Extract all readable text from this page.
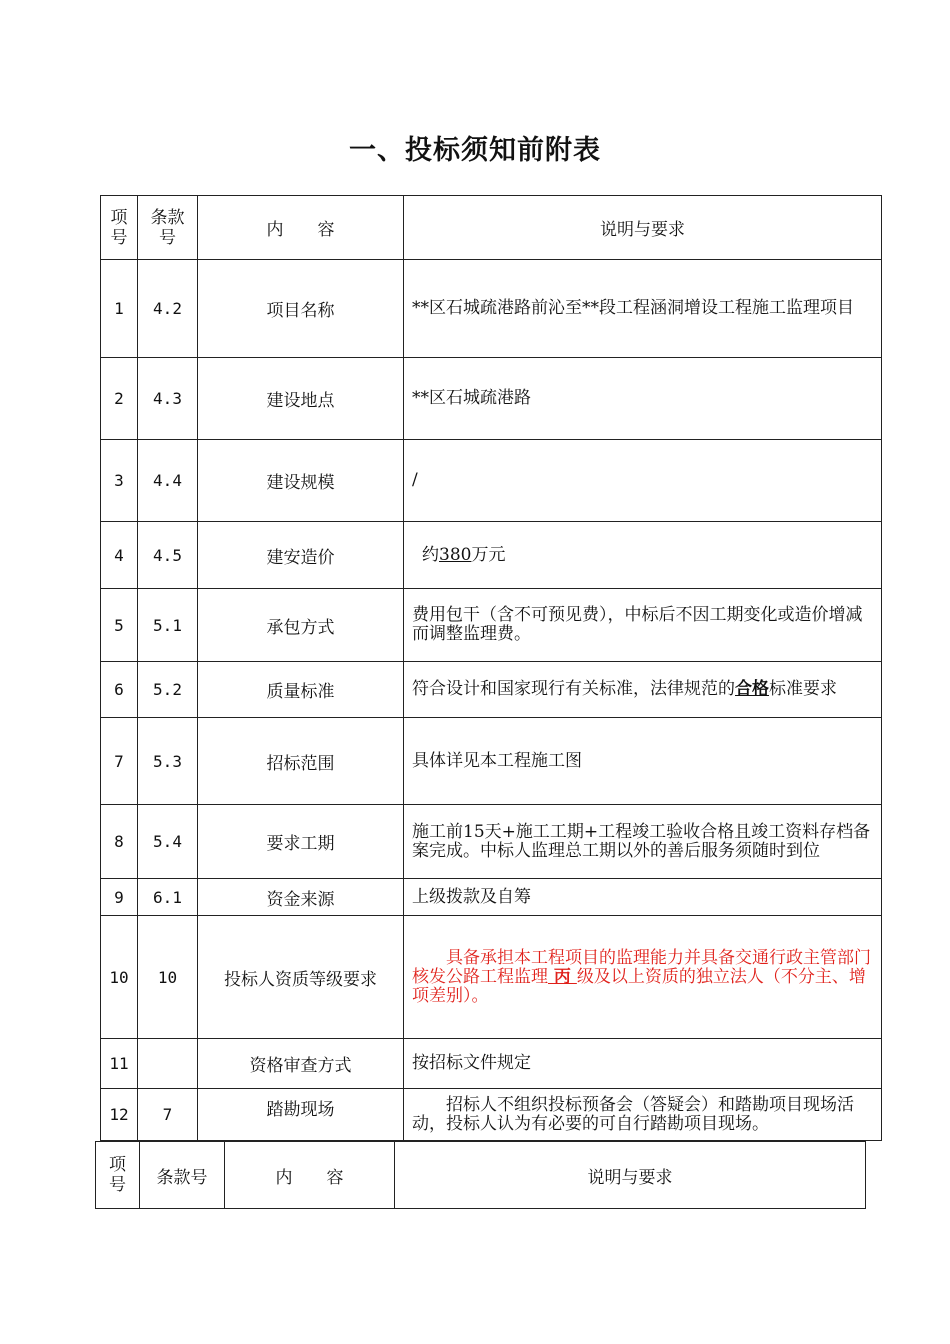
一、投标须知前附表
项号	条款号	内　　容	说明与要求
1	4.2	项目名称	**区石城疏港路前沁至**段工程涵洞增设工程施工监理项目
2	4.3	建设地点	**区石城疏港路
3	4.4	建设规模	/
4	4.5	建安造价	约380万元
5	5.1	承包方式	费用包干（含不可预见费），中标后不因工期变化或造价增减而调整监理费。
6	5.2	质量标准	符合设计和国家现行有关标准，法律规范的合格标准要求
7	5.3	招标范围	具体详见本工程施工图
8	5.4	要求工期	施工前15天+施工工期+工程竣工验收合格且竣工资料存档备案完成。中标人监理总工期以外的善后服务须随时到位
9	6.1	资金来源	上级拨款及自筹
10	10	投标人资质等级要求	具备承担本工程项目的监理能力并具备交通行政主管部门核发公路工程监理 丙 级及以上资质的独立法人（不分主、增项差别）。
11		资格审查方式	按招标文件规定
12	7	踏勘现场	招标人不组织投标预备会（答疑会）和踏勘项目现场活动，投标人认为有必要的可自行踏勘项目现场。
项号	条款号	内　　容	说明与要求
